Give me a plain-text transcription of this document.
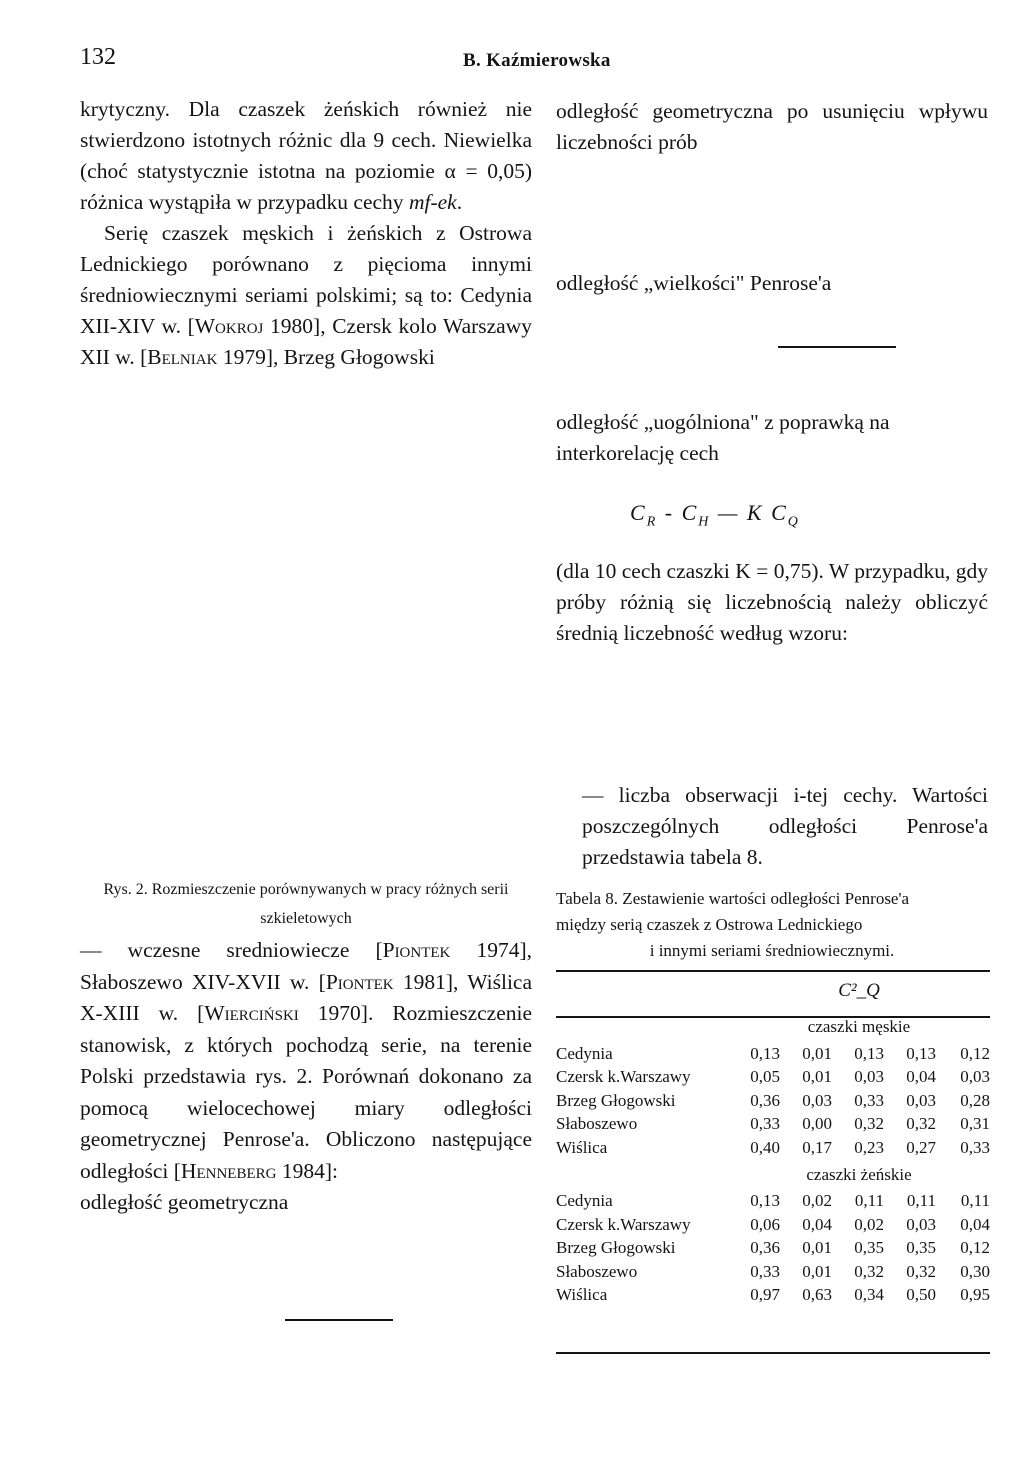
132	B. Kaźmierowska

krytyczny. Dla czaszek żeńskich również nie stwierdzono istotnych różnic dla 9 cech. Niewielka (choć statystycznie istotna na poziomie α = 0,05) różnica wystąpiła w przypadku cechy mf-ek.

Serię czaszek męskich i żeńskich z Ostrowa Lednickiego porównano z pięcioma innymi średniowiecznymi seriami polskimi; są to: Cedynia XII-XIV w. [Wokroj 1980], Czersk kolo Warszawy XII w. [Belniak 1979], Brzeg Głogowski

Rys. 2. Rozmieszczenie porównywanych w pracy różnych serii szkieletowych

— wczesne sredniowiecze [Piontek 1974], Słaboszewo XIV-XVII w. [Piontek 1981], Wiślica X-XIII w. [Wierciński 1970]. Rozmieszczenie stanowisk, z których pochodzą serie, na terenie Polski przedstawia rys. 2. Porównań dokonano za pomocą wielocechowej miary odległości geometrycznej Penrose'a. Obliczono następujące odległości [Henneberg 1984]:

odległość geometryczna

odległość geometryczna po usunięciu wpływu liczebności prób

odległość „wielkości" Penrose'a

odległość „uogólniona" z poprawką na interkorelację cech

$C_R - C_H$ — K $C_Q$

(dla 10 cech czaszki K = 0,75). W przypadku, gdy próby różnią się liczebnością należy obliczyć średnią liczebność według wzoru:

— liczba obserwacji i-tej cechy. Wartości poszczególnych odległości Penrose'a przedstawia tabela 8.

Tabela 8. Zestawienie wartości odległości Penrose'a
między serią czaszek z Ostrowa Lednickiego
i innymi seriami średniowiecznymi.
	C²_Q				
	czaszki męskie				
Cedynia	0,13	0,01	0,13	0,13	0,12
Czersk k.Warszawy	0,05	0,01	0,03	0,04	0,03
Brzeg Głogowski	0,36	0,03	0,33	0,03	0,28
Słaboszewo	0,33	0,00	0,32	0,32	0,31
Wiślica	0,40	0,17	0,23	0,27	0,33
	czaszki żeńskie				
Cedynia	0,13	0,02	0,11	0,11	0,11
Czersk k.Warszawy	0,06	0,04	0,02	0,03	0,04
Brzeg Głogowski	0,36	0,01	0,35	0,35	0,12
Słaboszewo	0,33	0,01	0,32	0,32	0,30
Wiślica	0,97	0,63	0,34	0,50	0,95
